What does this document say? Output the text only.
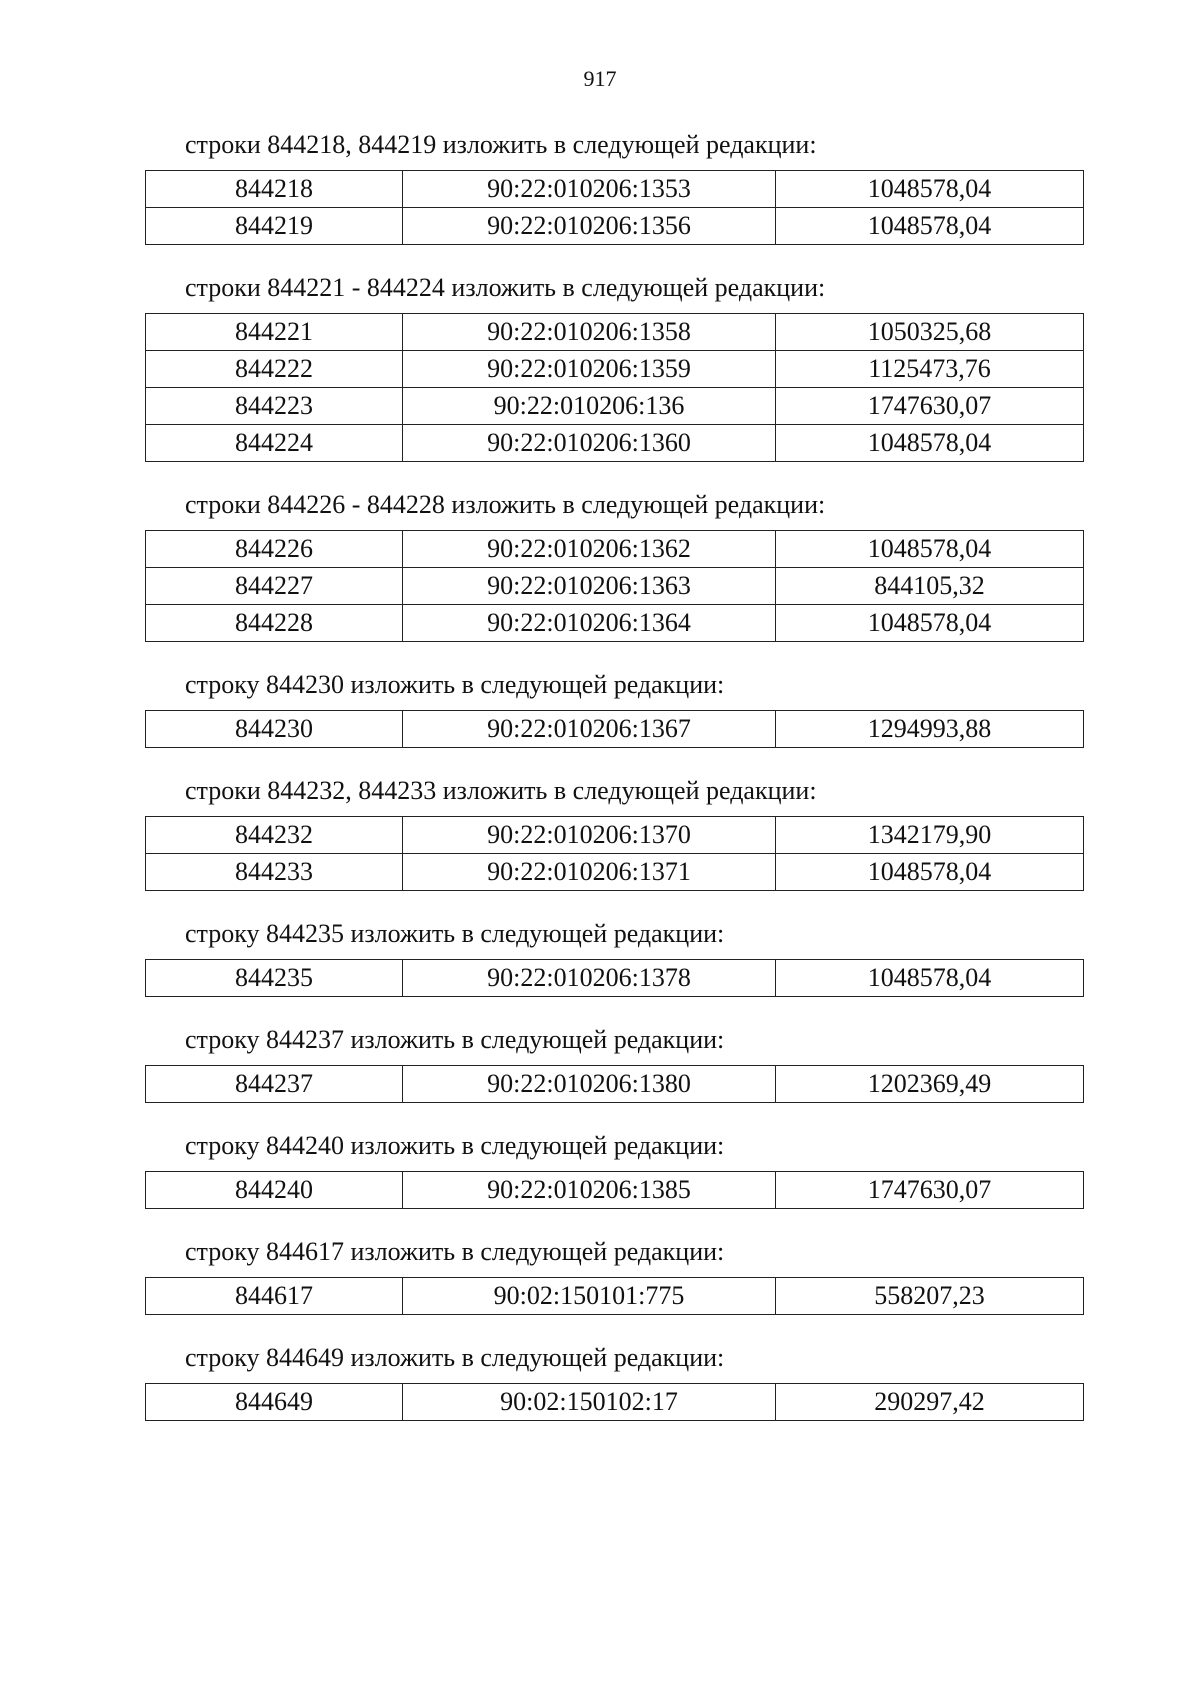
917
строки 844218, 844219 изложить в следующей редакции:
844218	90:22:010206:1353	1048578,04
844219	90:22:010206:1356	1048578,04
строки 844221 - 844224 изложить в следующей редакции:
844221	90:22:010206:1358	1050325,68
844222	90:22:010206:1359	1125473,76
844223	90:22:010206:136	1747630,07
844224	90:22:010206:1360	1048578,04
строки 844226 - 844228 изложить в следующей редакции:
844226	90:22:010206:1362	1048578,04
844227	90:22:010206:1363	844105,32
844228	90:22:010206:1364	1048578,04
строку 844230 изложить в следующей редакции:
844230	90:22:010206:1367	1294993,88
строки 844232, 844233 изложить в следующей редакции:
844232	90:22:010206:1370	1342179,90
844233	90:22:010206:1371	1048578,04
строку 844235 изложить в следующей редакции:
844235	90:22:010206:1378	1048578,04
строку 844237 изложить в следующей редакции:
844237	90:22:010206:1380	1202369,49
строку 844240 изложить в следующей редакции:
844240	90:22:010206:1385	1747630,07
строку 844617 изложить в следующей редакции:
844617	90:02:150101:775	558207,23
строку 844649 изложить в следующей редакции:
844649	90:02:150102:17	290297,42
